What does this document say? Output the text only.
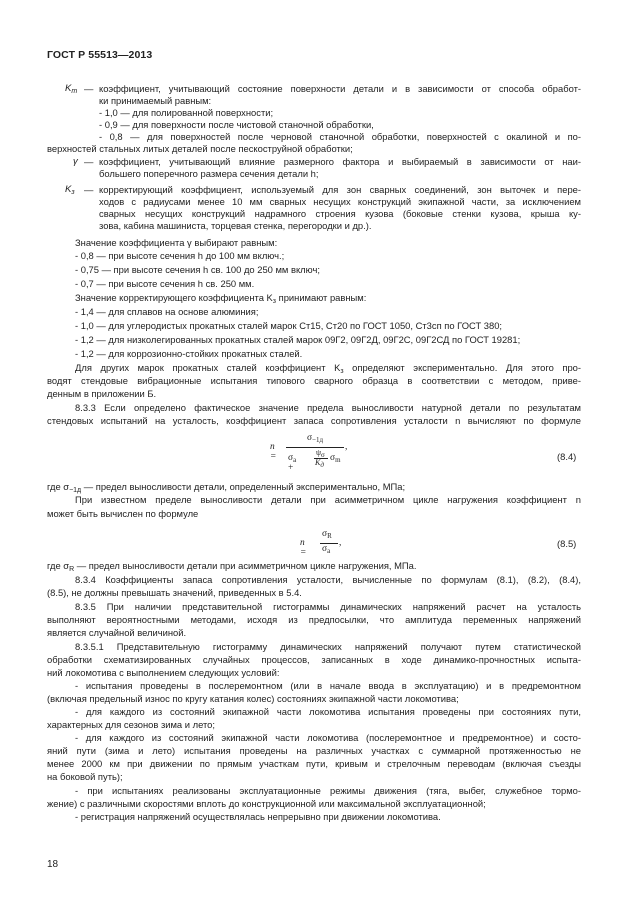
ГОСТ Р 55513—2013
$K_m$ — коэффициент, учитывающий состояние поверхности детали и в зависимости от способа обработ-
ки принимаемый равным:
- 1,0 — для полированной поверхности;
- 0,9 — для поверхности после чистовой станочной обработки,
- 0,8 — для поверхностей после черновой станочной обработки, поверхностей с окалиной и по-
верхностей стальных литых деталей после пескоструйной обработки;
γ — коэффициент, учитывающий влияние размерного фактора и выбираемый в зависимости от наи-
большего поперечного размера сечения детали h;
$K_з$ — корректирующий коэффициент, используемый для зон сварных соединений, зон выточек и пере-
ходов с радиусами менее 10 мм сварных несущих конструкций экипажной части, за исключением
сварных несущих конструкций надрамного строения кузова (боковые стенки кузова, крыша ку-
зова, кабина машиниста, торцевая стенка, перегородки и др.).
Значение коэффициента γ выбирают равным:
- 0,8 — при высоте сечения h до 100 мм включ.;
- 0,75 — при высоте сечения h св. 100 до 250 мм включ;
- 0,7 — при высоте сечения h св. 250 мм.
Значение корректирующего коэффициента $K_з$ принимают равным:
- 1,4 — для сплавов на основе алюминия;
- 1,0 — для углеродистых прокатных сталей марок Ст15, Ст20 по ГОСТ 1050, Ст3сп по ГОСТ 380;
- 1,2 — для низколегированных прокатных сталей марок 09Г2, 09Г2Д, 09Г2С, 09Г2СД по ГОСТ 19281;
- 1,2 — для коррозионно-стойких прокатных сталей.
Для других марок прокатных сталей коэффициент $K_з$ определяют экспериментально. Для этого про-
водят стендовые вибрационные испытания типового сварного образца в соответствии с методом, приве-
денным в приложении Б.
8.3.3 Если определено фактическое значение предела выносливости натурной детали по результатам
стендовых испытаний на усталость, коэффициент запаса сопротивления усталости n вычисляют по формуле
n =
$\sigma_{-1д}$
$\sigma_a$ +
$\psi_\sigma$
$K_д$
$\sigma_m$
,
(8.4)
где $\sigma_{-1д}$ — предел выносливости детали, определенный экспериментально, МПа;
При известном пределе выносливости детали при асимметричном цикле нагружения коэффициент n
может быть вычислен по формуле
n =
$\sigma_R$
$\sigma_a$
,	(8.5)
где $\sigma_R$ — предел выносливости детали при асимметричном цикле нагружения, МПа.
8.3.4 Коэффициенты запаса сопротивления усталости, вычисленные по формулам (8.1), (8.2), (8.4),
(8.5), не должны превышать значений, приведенных в 5.4.
8.3.5 При наличии представительной гистограммы динамических напряжений расчет на усталость
выполняют вероятностными методами, исходя из предпосылки, что амплитуда переменных напряжений
является случайной величиной.
8.3.5.1 Представительную гистограмму динамических напряжений получают путем статистической
обработки схематизированных случайных процессов, записанных в ходе динамико-прочностных испыта-
ний локомотива с выполнением следующих условий:
- испытания проведены в послеремонтном (или в начале ввода в эксплуатацию) и в предремонтном
(включая предельный износ по кругу катания колес) состояниях экипажной части локомотива;
- для каждого из состояний экипажной части локомотива испытания проведены при состояниях пути,
характерных для сезонов зима и лето;
- для каждого из состояний экипажной части локомотива (послеремонтное и предремонтное) и состо-
яний пути (зима и лето) испытания проведены на различных участках с суммарной протяженностью не
менее 2000 км при движении по прямым участкам пути, кривым и стрелочным переводам (включая съезды
на боковой путь);
- при испытаниях реализованы эксплуатационные режимы движения (тяга, выбег, служебное тормо-
жение) с различными скоростями вплоть до конструкционной или максимальной эксплуатационной;
- регистрация напряжений осуществлялась непрерывно при движении локомотива.
18
